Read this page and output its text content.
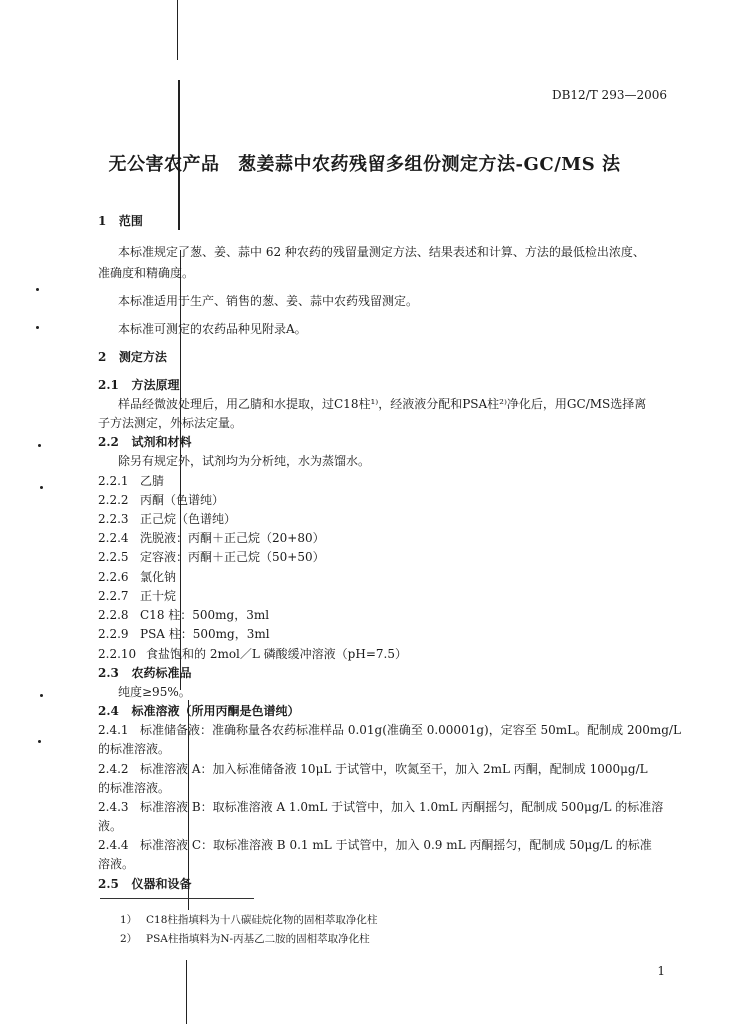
DB12/T 293—2006
无公害农产品　葱姜蒜中农药残留多组份测定方法-GC/MS 法
1 范围
本标准规定了葱、姜、蒜中 62 种农药的残留量测定方法、结果表述和计算、方法的最低检出浓度、
准确度和精确度。
本标准适用于生产、销售的葱、姜、蒜中农药残留测定。
本标准可测定的农药品种见附录A。
2 测定方法
2.1 方法原理
样品经微波处理后，用乙腈和水提取，过C18柱¹⁾，经液液分配和PSA柱²⁾净化后，用GC/MS选择离
子方法测定，外标法定量。
2.2 试剂和材料
除另有规定外，试剂均为分析纯，水为蒸馏水。
2.2.1 乙腈
2.2.2 丙酮（色谱纯）
2.2.3 正己烷（色谱纯）
2.2.4 洗脱液：丙酮＋正己烷（20+80）
2.2.5 定容液：丙酮＋正己烷（50+50）
2.2.6 氯化钠
2.2.7 正十烷
2.2.8 C18 柱：500mg，3ml
2.2.9 PSA 柱：500mg，3ml
2.2.10 食盐饱和的 2mol／L 磷酸缓冲溶液（pH=7.5）
2.3 农药标准品
纯度≥95%。
2.4 标准溶液（所用丙酮是色谱纯）
2.4.1 标准储备液：准确称量各农药标准样品 0.01g(准确至 0.00001g)，定容至 50mL。配制成 200mg/L
的标准溶液。
2.4.2 标准溶液 A：加入标准储备液 10μL 于试管中，吹氮至干，加入 2mL 丙酮，配制成 1000μg/L
的标准溶液。
2.4.3 标准溶液 B：取标准溶液 A 1.0mL 于试管中，加入 1.0mL 丙酮摇匀，配制成 500μg/L 的标准溶
液。
2.4.4 标准溶液 C：取标准溶液 B 0.1 mL 于试管中，加入 0.9 mL 丙酮摇匀，配制成 50μg/L 的标准
溶液。
2.5 仪器和设备
1） C18柱指填料为十八碳硅烷化物的固相萃取净化柱
2） PSA柱指填料为N-丙基乙二胺的固相萃取净化柱
1
